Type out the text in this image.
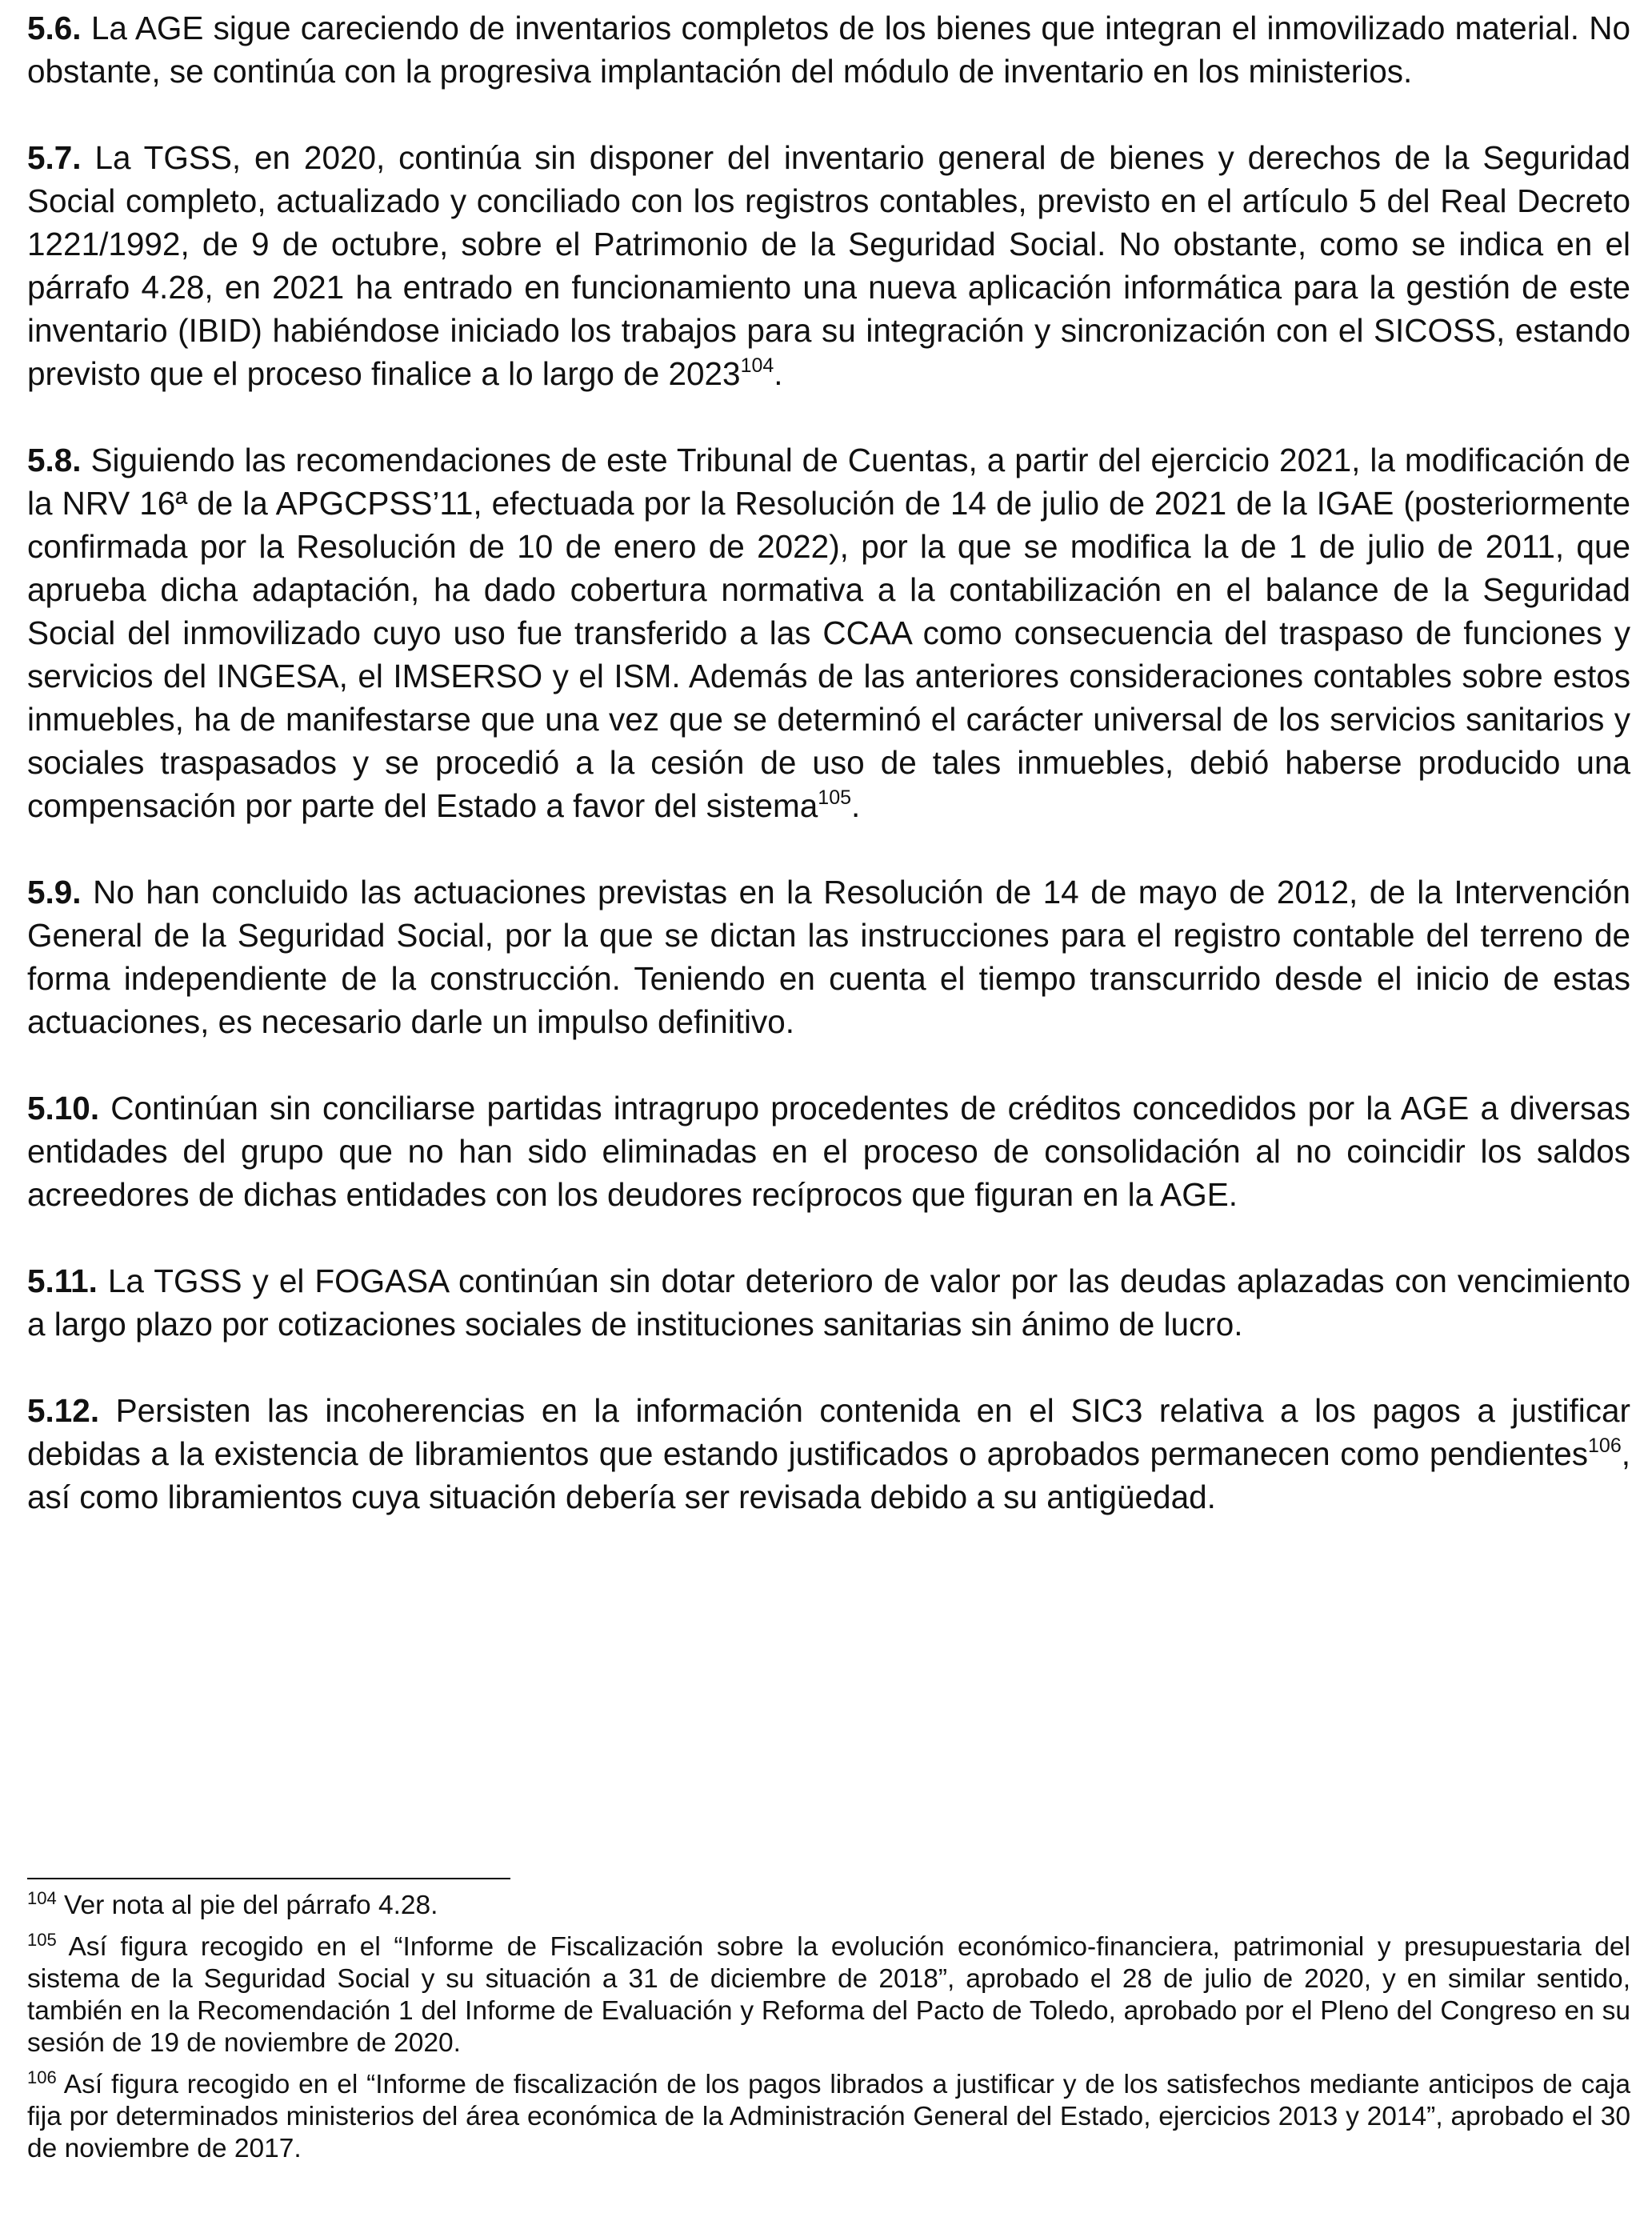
5.6. La AGE sigue careciendo de inventarios completos de los bienes que integran el inmovilizado material. No obstante, se continúa con la progresiva implantación del módulo de inventario en los ministerios.

5.7. La TGSS, en 2020, continúa sin disponer del inventario general de bienes y derechos de la Seguridad Social completo, actualizado y conciliado con los registros contables, previsto en el artículo 5 del Real Decreto 1221/1992, de 9 de octubre, sobre el Patrimonio de la Seguridad Social. No obstante, como se indica en el párrafo 4.28, en 2021 ha entrado en funcionamiento una nueva aplicación informática para la gestión de este inventario (IBID) habiéndose iniciado los trabajos para su integración y sincronización con el SICOSS, estando previsto que el proceso finalice a lo largo de 2023$^{104}$.

5.8. Siguiendo las recomendaciones de este Tribunal de Cuentas, a partir del ejercicio 2021, la modificación de la NRV 16ª de la APGCPSS’11, efectuada por la Resolución de 14 de julio de 2021 de la IGAE (posteriormente confirmada por la Resolución de 10 de enero de 2022), por la que se modifica la de 1 de julio de 2011, que aprueba dicha adaptación, ha dado cobertura normativa a la contabilización en el balance de la Seguridad Social del inmovilizado cuyo uso fue transferido a las CCAA como consecuencia del traspaso de funciones y servicios del INGESA, el IMSERSO y el ISM. Además de las anteriores consideraciones contables sobre estos inmuebles, ha de manifestarse que una vez que se determinó el carácter universal de los servicios sanitarios y sociales traspasados y se procedió a la cesión de uso de tales inmuebles, debió haberse producido una compensación por parte del Estado a favor del sistema$^{105}$.

5.9. No han concluido las actuaciones previstas en la Resolución de 14 de mayo de 2012, de la Intervención General de la Seguridad Social, por la que se dictan las instrucciones para el registro contable del terreno de forma independiente de la construcción. Teniendo en cuenta el tiempo transcurrido desde el inicio de estas actuaciones, es necesario darle un impulso definitivo.

5.10. Continúan sin conciliarse partidas intragrupo procedentes de créditos concedidos por la AGE a diversas entidades del grupo que no han sido eliminadas en el proceso de consolidación al no coincidir los saldos acreedores de dichas entidades con los deudores recíprocos que figuran en la AGE.

5.11. La TGSS y el FOGASA continúan sin dotar deterioro de valor por las deudas aplazadas con vencimiento a largo plazo por cotizaciones sociales de instituciones sanitarias sin ánimo de lucro.

5.12. Persisten las incoherencias en la información contenida en el SIC3 relativa a los pagos a justificar debidas a la existencia de libramientos que estando justificados o aprobados permanecen como pendientes$^{106}$, así como libramientos cuya situación debería ser revisada debido a su antigüedad.

$^{104}$ Ver nota al pie del párrafo 4.28.

$^{105}$ Así figura recogido en el “Informe de Fiscalización sobre la evolución económico-financiera, patrimonial y presupuestaria del sistema de la Seguridad Social y su situación a 31 de diciembre de 2018”, aprobado el 28 de julio de 2020, y en similar sentido, también en la Recomendación 1 del Informe de Evaluación y Reforma del Pacto de Toledo, aprobado por el Pleno del Congreso en su sesión de 19 de noviembre de 2020.

$^{106}$ Así figura recogido en el “Informe de fiscalización de los pagos librados a justificar y de los satisfechos mediante anticipos de caja fija por determinados ministerios del área económica de la Administración General del Estado, ejercicios 2013 y 2014”, aprobado el 30 de noviembre de 2017.
